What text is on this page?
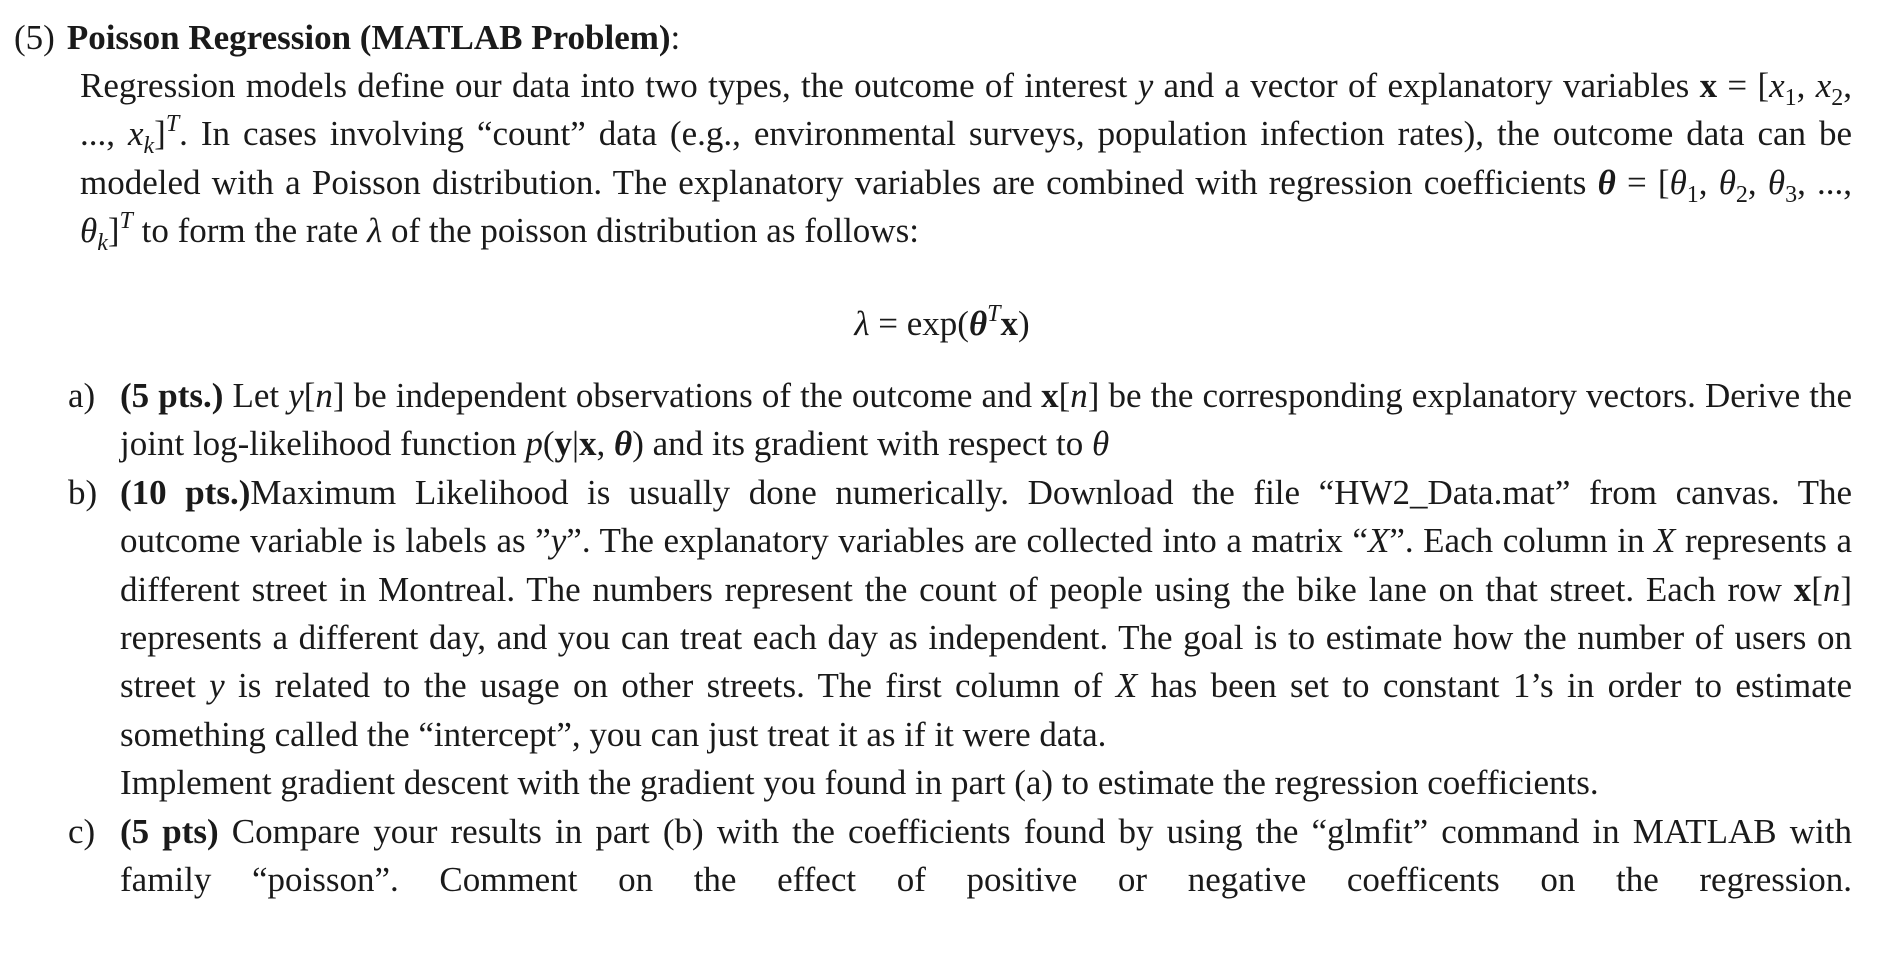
(5) Poisson Regression (MATLAB Problem):

Regression models define our data into two types, the outcome of interest y and a vector of explanatory variables $x = [x_1$, $x_2$, ..., $x_k]^T$. In cases involving “count” data (e.g., environmental surveys, population infection rates), the outcome data can be modeled with a Poisson distribution. The explanatory variables are combined with regression coefficients $\theta = [\theta_1$, $\theta_2$, $\theta_3$, ..., $\theta_k]^T$ to form the rate λ of the poisson distribution as follows:

$\lambda = \exp(\theta^Tx)$
a) (5 pts.) Let y[n] be independent observations of the outcome and x[n] be the corresponding explanatory vectors. Derive the joint log-likelihood function p(y|x, θ) and its gradient with respect to θ
b) (10 pts.)Maximum Likelihood is usually done numerically. Download the file “HW2_Data.mat” from canvas. The outcome variable is labels as ”y”. The explanatory variables are collected into a matrix “X”. Each column in X represents a different street in Montreal. The numbers represent the count of people using the bike lane on that street. Each row x[n] represents a different day, and you can treat each day as independent. The goal is to estimate how the number of users on street y is related to the usage on other streets. The first column of X has been set to constant 1’s in order to estimate something called the “intercept”, you can just treat it as if it were data.

Implement gradient descent with the gradient you found in part (a) to estimate the regression coefficients.

c) (5 pts) Compare your results in part (b) with the coefficients found by using the “glmfit” command in MATLAB with family “poisson”. Comment on the effect of positive or negative coefficents on the regression.
